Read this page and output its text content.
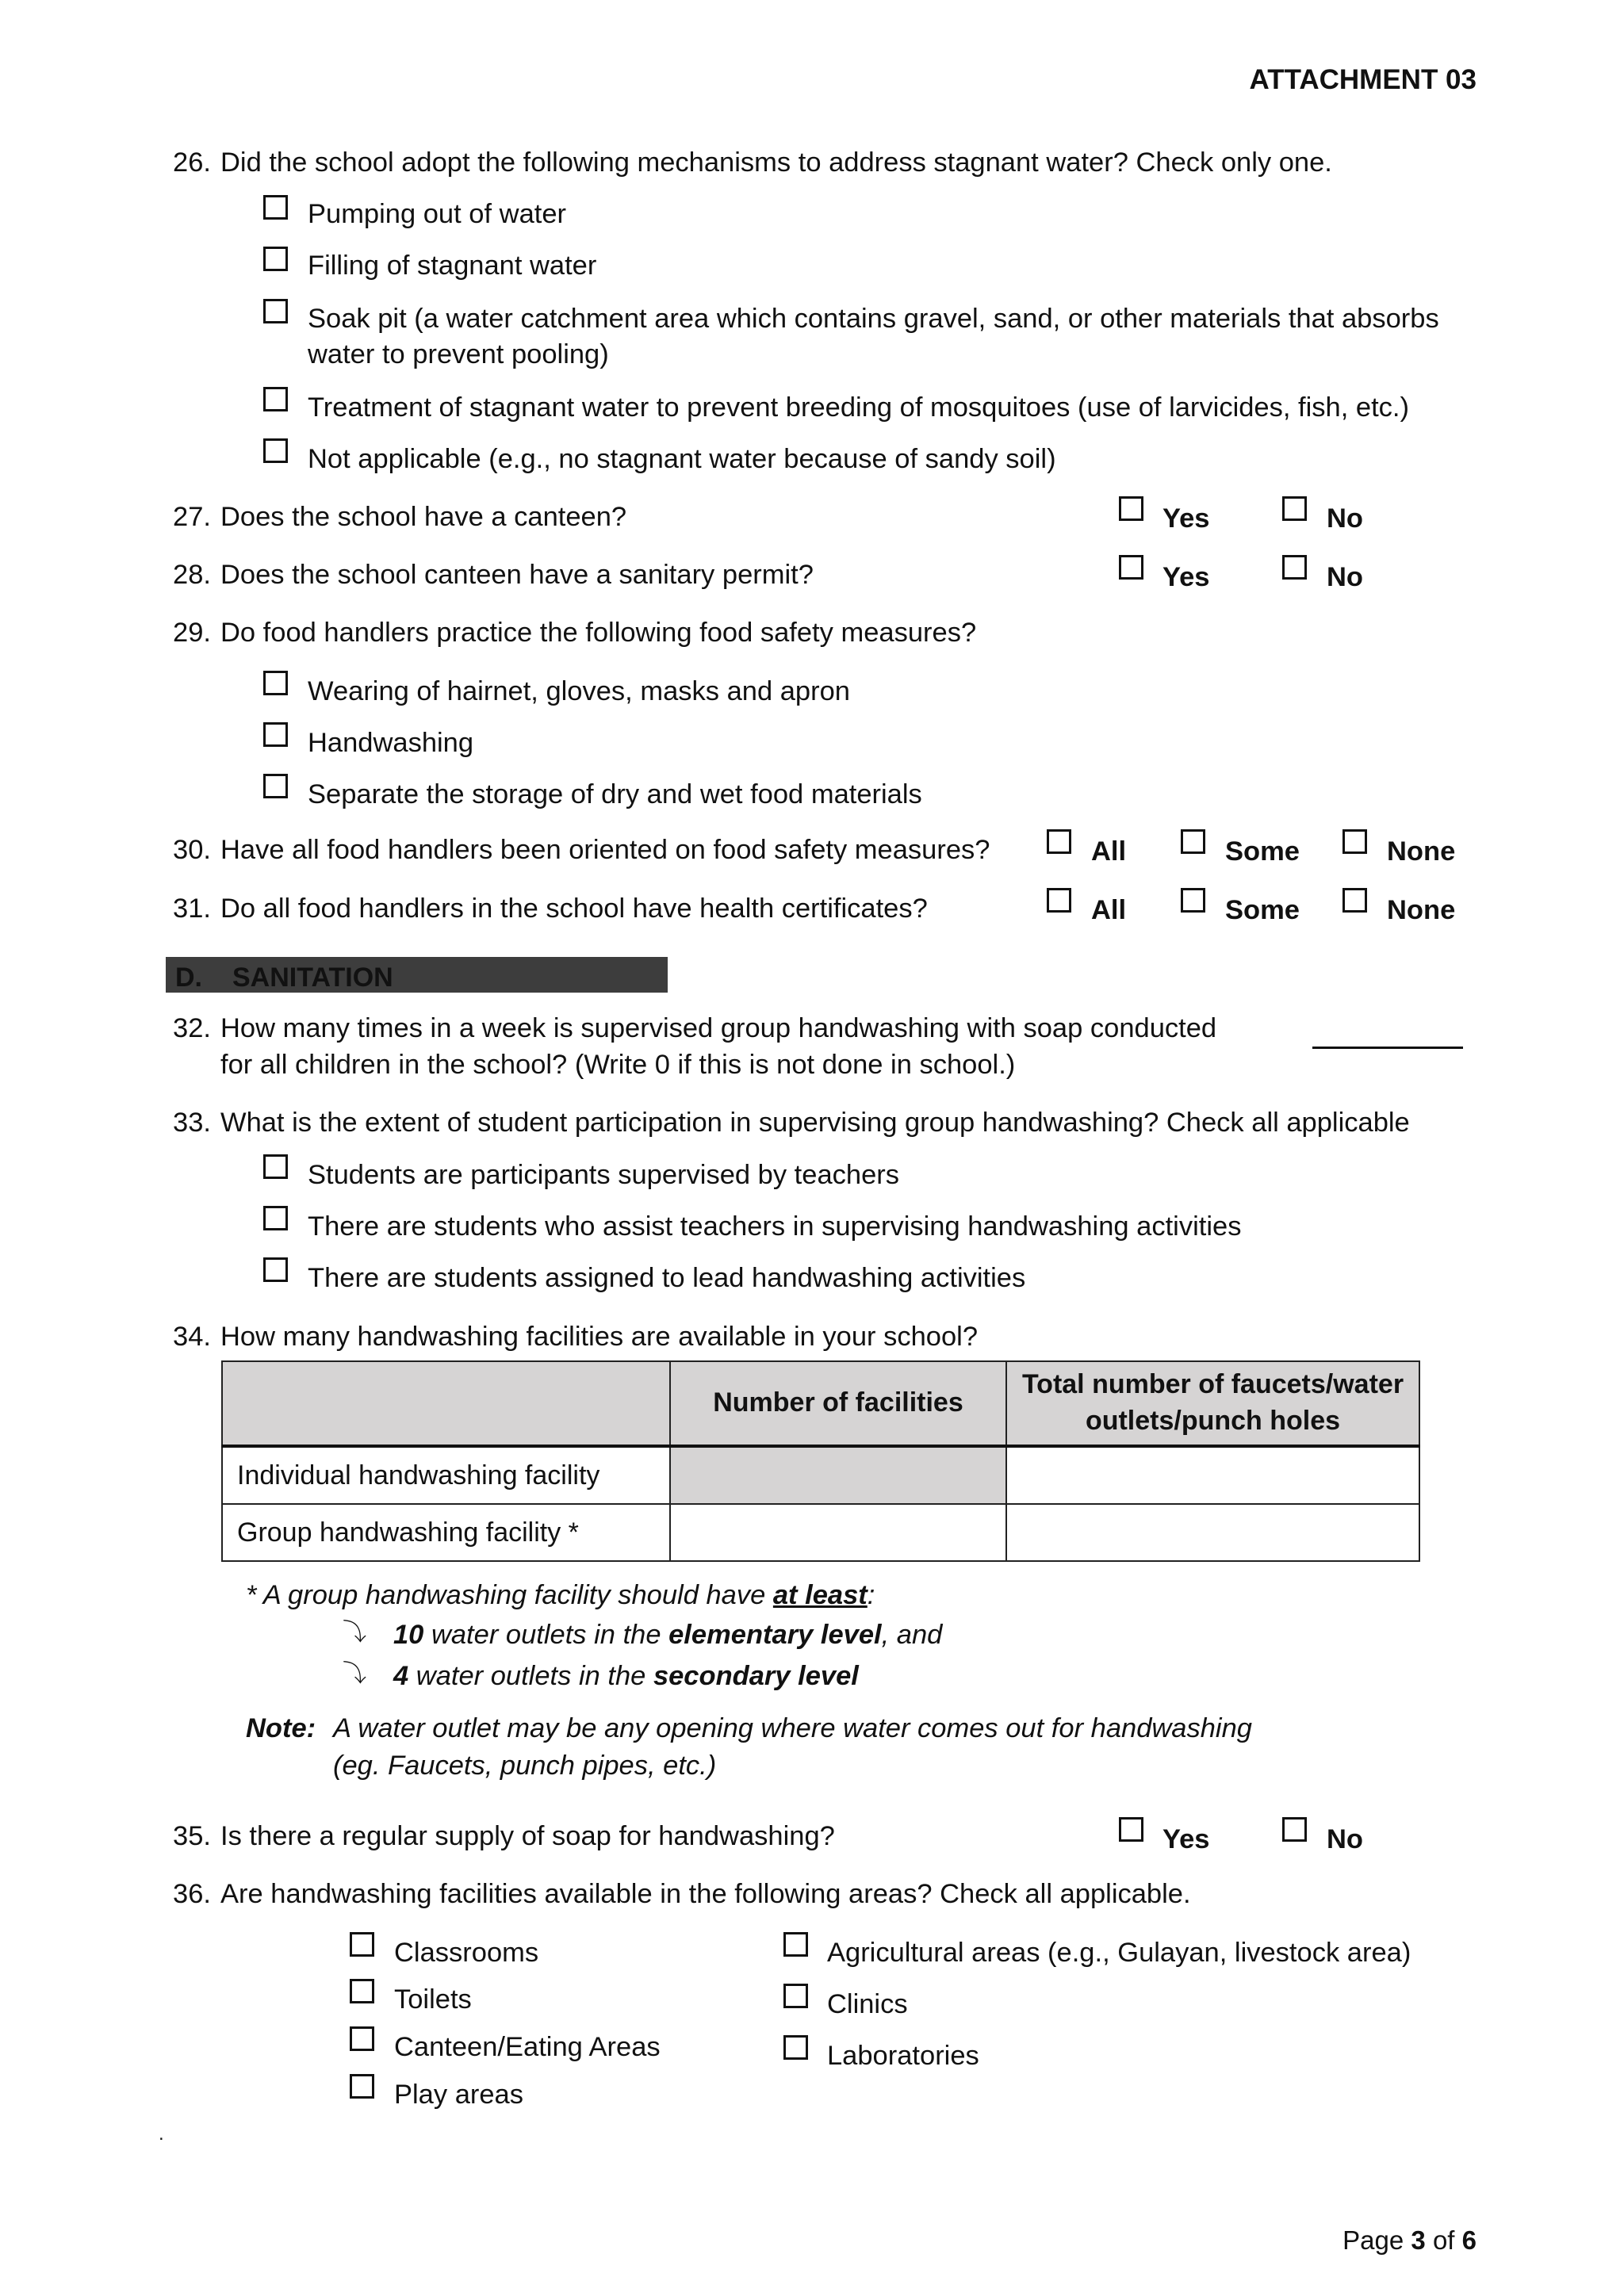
ATTACHMENT 03
26. Did the school adopt the following mechanisms to address stagnant water? Check only one.
Pumping out of water
Filling of stagnant water
Soak pit (a water catchment area which contains gravel, sand, or other materials that absorbs
water to prevent pooling)
Treatment of stagnant water to prevent breeding of mosquitoes (use of larvicides, fish, etc.)
Not applicable (e.g., no stagnant water because of sandy soil)
27. Does the school have a canteen?	Yes	No
28. Does the school canteen have a sanitary permit?	Yes	No
29. Do food handlers practice the following food safety measures?
Wearing of hairnet, gloves, masks and apron
Handwashing
Separate the storage of dry and wet food materials
30. Have all food handlers been oriented on food safety measures?	All	Some	None
31. Do all food handlers in the school have health certificates?	All	Some	None
D. SANITATION
32. How many times in a week is supervised group handwashing with soap conducted
for all children in the school? (Write 0 if this is not done in school.)
33. What is the extent of student participation in supervising group handwashing? Check all applicable
Students are participants supervised by teachers
There are students who assist teachers in supervising handwashing activities
There are students assigned to lead handwashing activities
34. How many handwashing facilities are available in your school?
	Number of facilities	Total number of faucets/water
outlets/punch holes

Individual handwashing facility		
Group handwashing facility *		
* A group handwashing facility should have at least:
⤵ 10 water outlets in the elementary level, and
⤵ 4 water outlets in the secondary level
Note: A water outlet may be any opening where water comes out for handwashing
(eg. Faucets, punch pipes, etc.)
35. Is there a regular supply of soap for handwashing?	Yes	No
36. Are handwashing facilities available in the following areas? Check all applicable.
Classrooms
Toilets
Canteen/Eating Areas
Play areas
Agricultural areas (e.g., Gulayan, livestock area)
Clinics
Laboratories
.
Page 3 of 6
